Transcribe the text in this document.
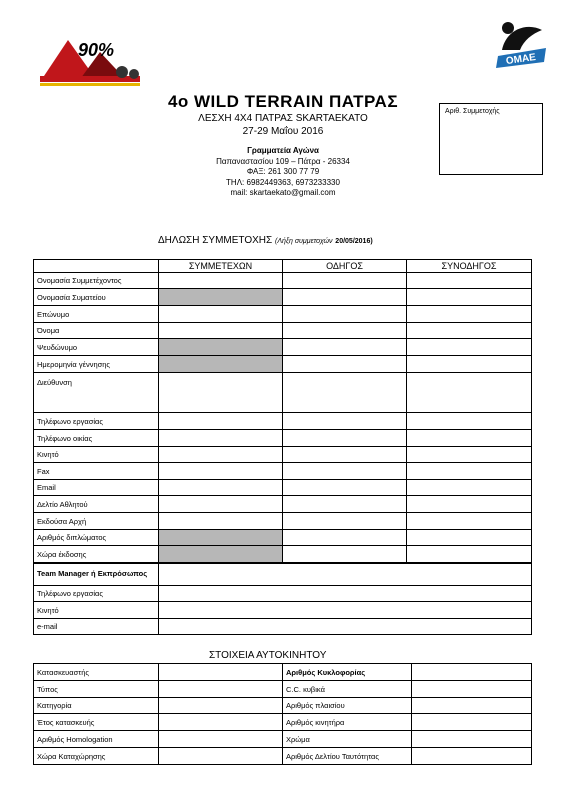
90%	ΟΜΑΕ
4ο WILD TERRAIN ΠΑΤΡΑΣ
ΛΕΣΧΗ 4Χ4 ΠΑΤΡΑΣ SKARTAEKATO
27-29 Μαΐου 2016
Γραμματεία Αγώνα
Παπαναστασίου 109 – Πάτρα - 26334
ΦΑΞ: 261 300 77 79
ΤΗΛ: 6982449363, 6973233330
mail: skartaekato@gmail.com
Αριθ. Συμμετοχής
ΔΗΛΩΣΗ ΣΥΜΜΕΤΟΧΗΣ (Λήξη συμμετοχών 20/05/2016)
	ΣΥΜΜΕΤΕΧΩΝ	ΟΔΗΓΟΣ	ΣΥΝΟΔΗΓΟΣ
Ονομασία Συμμετέχοντος			
Ονομασία Συματείου			
Επώνυμο			
Όνομα			
Ψευδώνυμο			
Ημερομηνία γέννησης			
Διεύθυνση			
Τηλέφωνο εργασίας			
Τηλέφωνο οικίας			
Κινητό			
Fax			
Email			
Δελτίο Αθλητού			
Εκδούσα Αρχή			
Αριθμός διπλώματος			
Χώρα έκδοσης			
Team Manager ή Εκπρόσωπος	
Τηλέφωνο εργασίας	
Κινητό	
e-mail	
ΣΤΟΙΧΕΙΑ ΑΥΤΟΚΙΝΗΤΟΥ
Κατασκευαστής		Αριθμός Κυκλοφορίας	
Τύπος		C.C. κυβικά	
Κατηγορία		Αριθμός πλαισίου	
Έτος κατασκευής		Αριθμός κινητήρα	
Αριθμός Homologation		Χρώμα	
Χώρα Καταχώρησης		Αριθμός Δελτίου Ταυτότητας	
